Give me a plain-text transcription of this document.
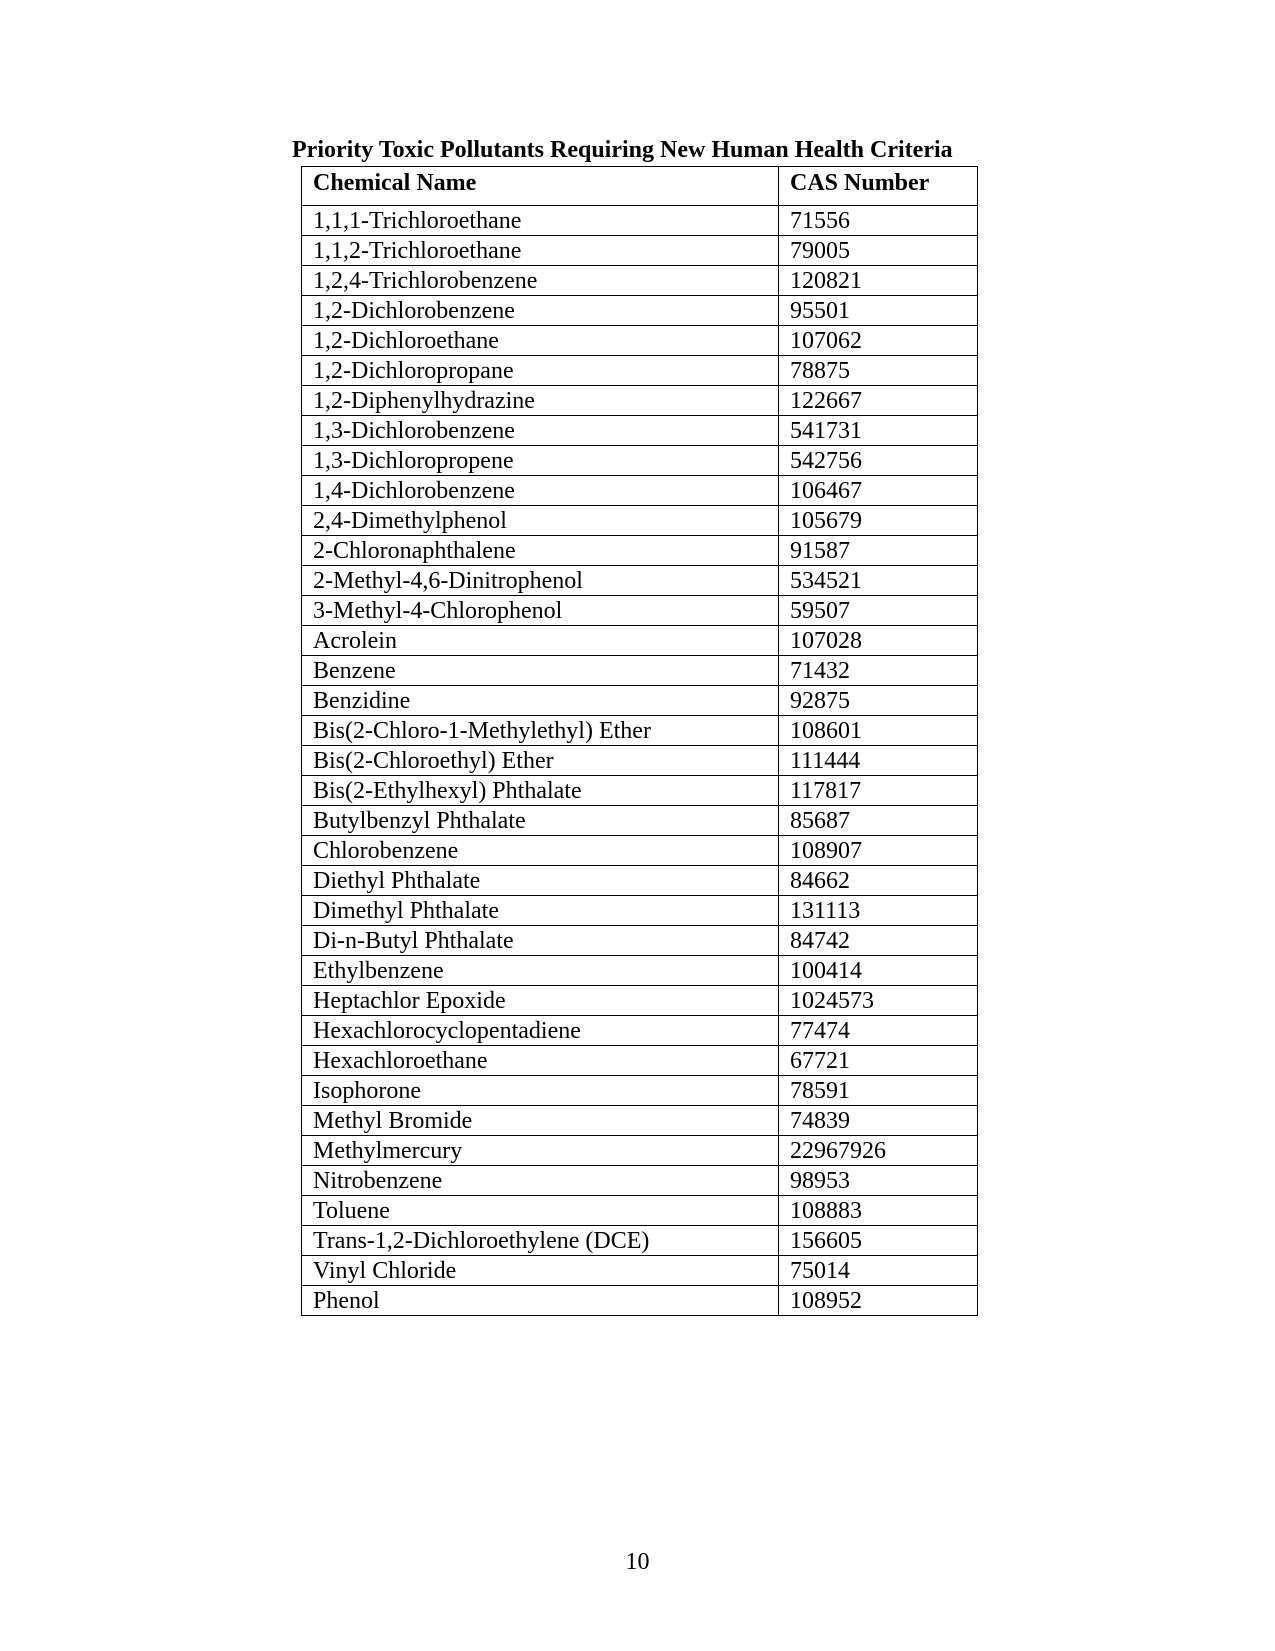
Priority Toxic Pollutants Requiring New Human Health Criteria
Chemical Name	CAS Number
1,1,1-Trichloroethane	71556
1,1,2-Trichloroethane	79005
1,2,4-Trichlorobenzene	120821
1,2-Dichlorobenzene	95501
1,2-Dichloroethane	107062
1,2-Dichloropropane	78875
1,2-Diphenylhydrazine	122667
1,3-Dichlorobenzene	541731
1,3-Dichloropropene	542756
1,4-Dichlorobenzene	106467
2,4-Dimethylphenol	105679
2-Chloronaphthalene	91587
2-Methyl-4,6-Dinitrophenol	534521
3-Methyl-4-Chlorophenol	59507
Acrolein	107028
Benzene	71432
Benzidine	92875
Bis(2-Chloro-1-Methylethyl) Ether	108601
Bis(2-Chloroethyl) Ether	111444
Bis(2-Ethylhexyl) Phthalate	117817
Butylbenzyl Phthalate	85687
Chlorobenzene	108907
Diethyl Phthalate	84662
Dimethyl Phthalate	131113
Di-n-Butyl Phthalate	84742
Ethylbenzene	100414
Heptachlor Epoxide	1024573
Hexachlorocyclopentadiene	77474
Hexachloroethane	67721
Isophorone	78591
Methyl Bromide	74839
Methylmercury	22967926
Nitrobenzene	98953
Toluene	108883
Trans-1,2-Dichloroethylene (DCE)	156605
Vinyl Chloride	75014
Phenol	108952
10
